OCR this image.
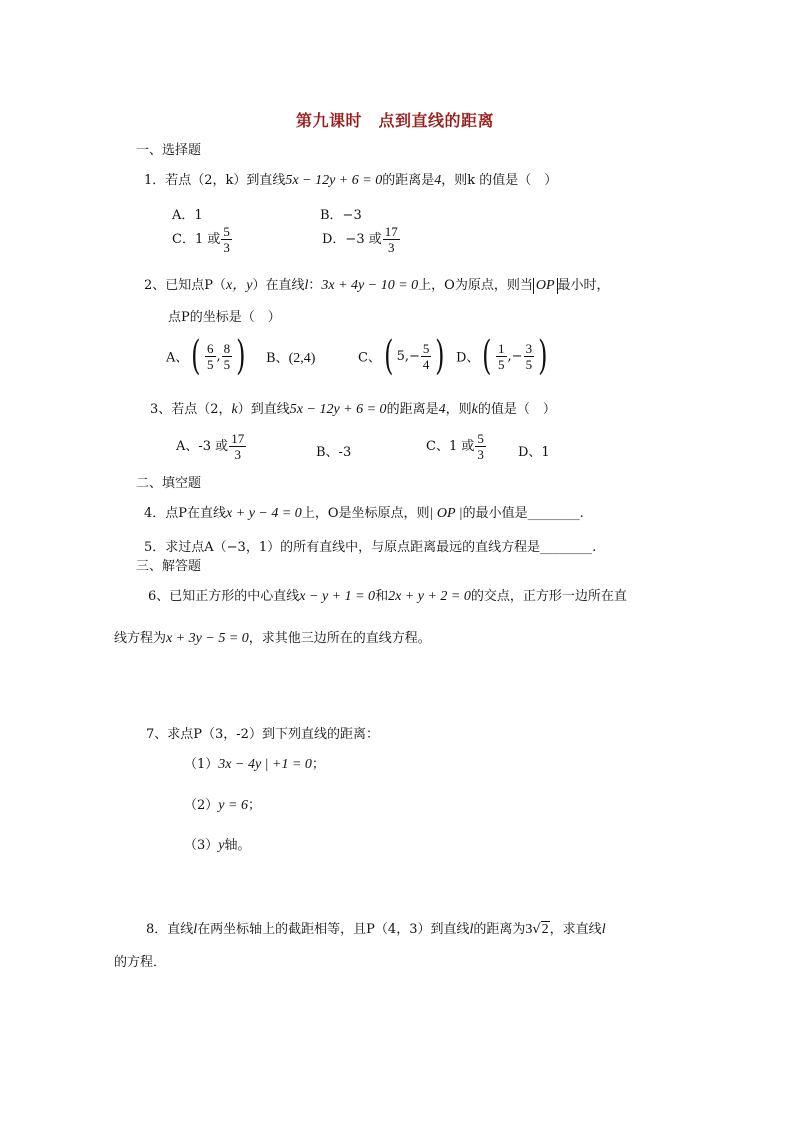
第九课时　点到直线的距离
一、选择题
1．若点（2，k）到直线5x − 12y + 6 = 0的距离是4，则k 的值是（　）
A．1	B．−3
C．1 或 $\frac{5}{3}$	D．−3 或 $\frac{17}{3}$
2、已知点P（x，y）在直线l：3x + 4y − 10 = 0上，O为原点，则当 OP 最小时，
点P的坐标是（　）
A、 ( $\frac{6}{5}$ , $\frac{8}{5}$ ) B、(2,4)	C、 ( $5,- \frac{5}{4}$ ) D、 ( $\frac{1}{5}$ ,− $\frac{3}{5}$ )
3、若点（2，k）到直线5x − 12y + 6 = 0的距离是4，则k的值是（　）
A、-3 或 $\frac{17}{3}$	B、-3	C、1 或 $\frac{5}{3}$ D、1
二、填空题
4．点P在直线x + y − 4 = 0上，O是坐标原点，则| OP |的最小值是________.
5．求过点A（−3，1）的所有直线中，与原点距离最远的直线方程是________.
三、解答题
6、已知正方形的中心直线x − y + 1 = 0和2x + y + 2 = 0的交点，正方形一边所在直
线方程为x + 3y − 5 = 0，求其他三边所在的直线方程。
7、求点P（3，-2）到下列直线的距离：
（1）3x − 4y | +1 = 0；
（2）y = 6；
（3）y轴。
8．直线l在两坐标轴上的截距相等，且P（4，3）到直线l的距离为3√2，求直线l
的方程．
